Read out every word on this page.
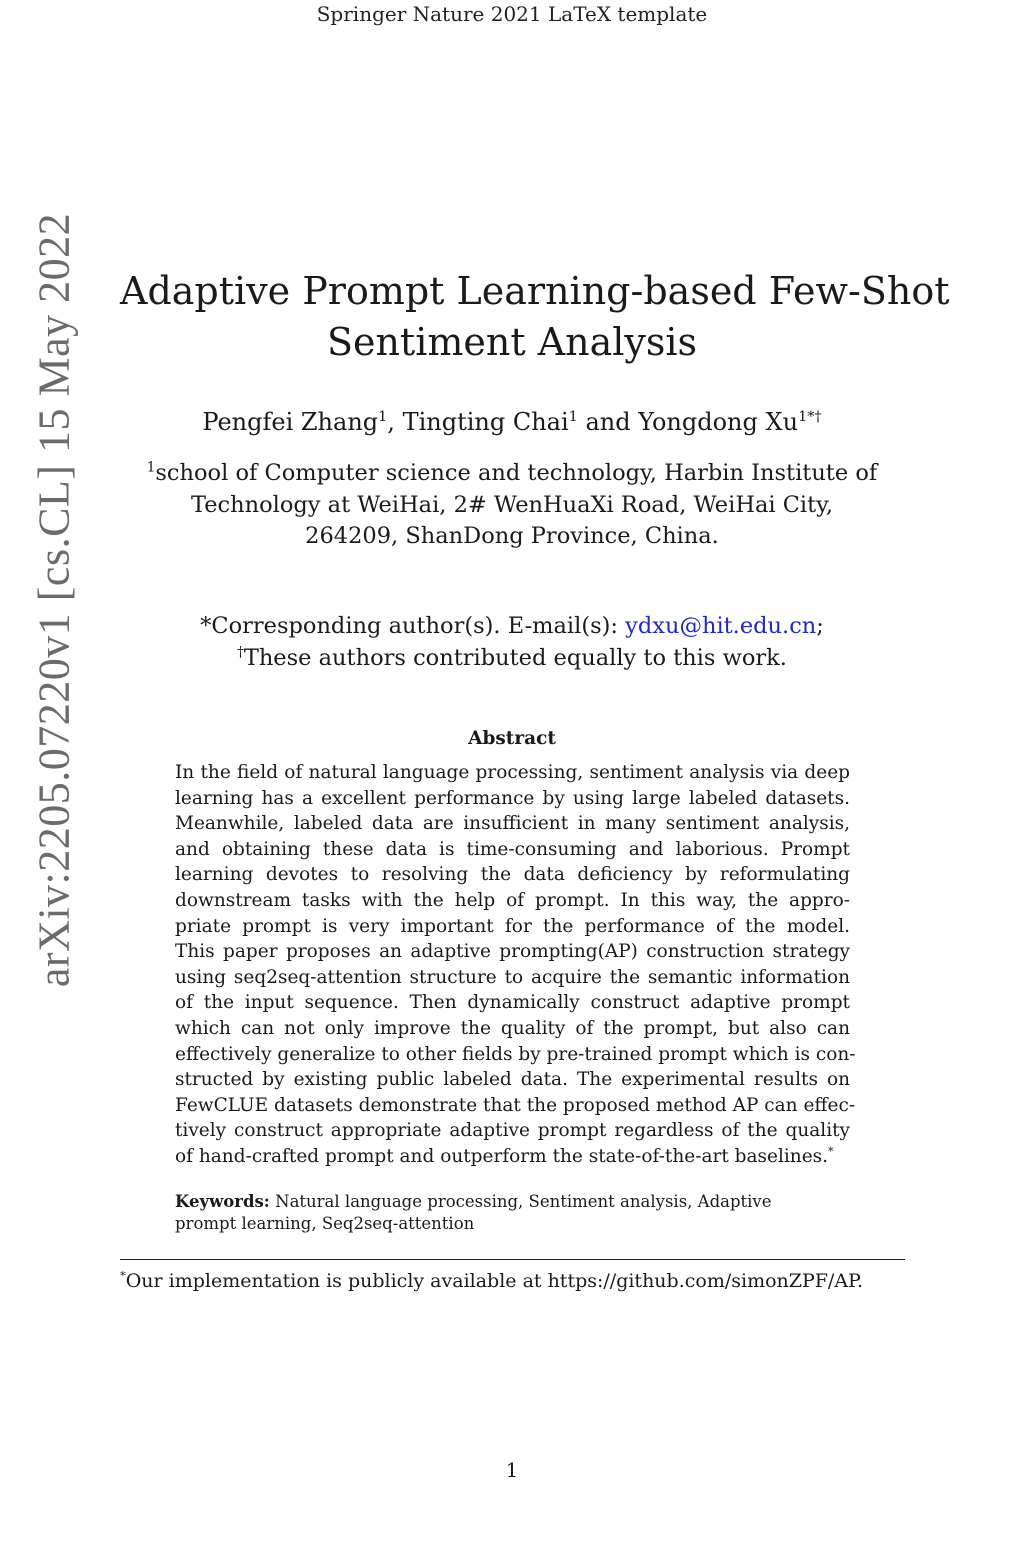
Springer Nature 2021 LaTeX template
arXiv:2205.07220v1 [cs.CL] 15 May 2022 Adaptive Prompt Learning-based Few-Shot
Sentiment Analysis
Pengfei Zhang$^1$, Tingting Chai$^1$ and Yongdong $Xu^{1*\dagger}$
$^1$school of Computer science and technology, Harbin Institute of
Technology at WeiHai, 2# WenHuaXi Road, WeiHai City,
264209, ShanDong Province, China.
*Corresponding author(s). E-mail(s): ydxu@hit.edu.cn;
†These authors contributed equally to this work.
Abstract
In the field of natural language processing, sentiment analysis via deep
learning has a excellent performance by using large labeled datasets.
Meanwhile, labeled data are insufficient in many sentiment analysis,
and obtaining these data is time-consuming and laborious. Prompt
learning devotes to resolving the data deficiency by reformulating
downstream tasks with the help of prompt. In this way, the appro-
priate prompt is very important for the performance of the model.
This paper proposes an adaptive prompting(AP) construction strategy
using seq2seq-attention structure to acquire the semantic information
of the input sequence. Then dynamically construct adaptive prompt
which can not only improve the quality of the prompt, but also can
effectively generalize to other fields by pre-trained prompt which is con-
structed by existing public labeled data. The experimental results on
FewCLUE datasets demonstrate that the proposed method AP can effec-
tively construct appropriate adaptive prompt regardless of the quality
of hand-crafted prompt and outperform the state-of-the-art baselines.*
Keywords: Natural language processing, Sentiment analysis, Adaptive
prompt learning, Seq2seq-attention
*Our implementation is publicly available at https://github.com/simonZPF/AP.
1
